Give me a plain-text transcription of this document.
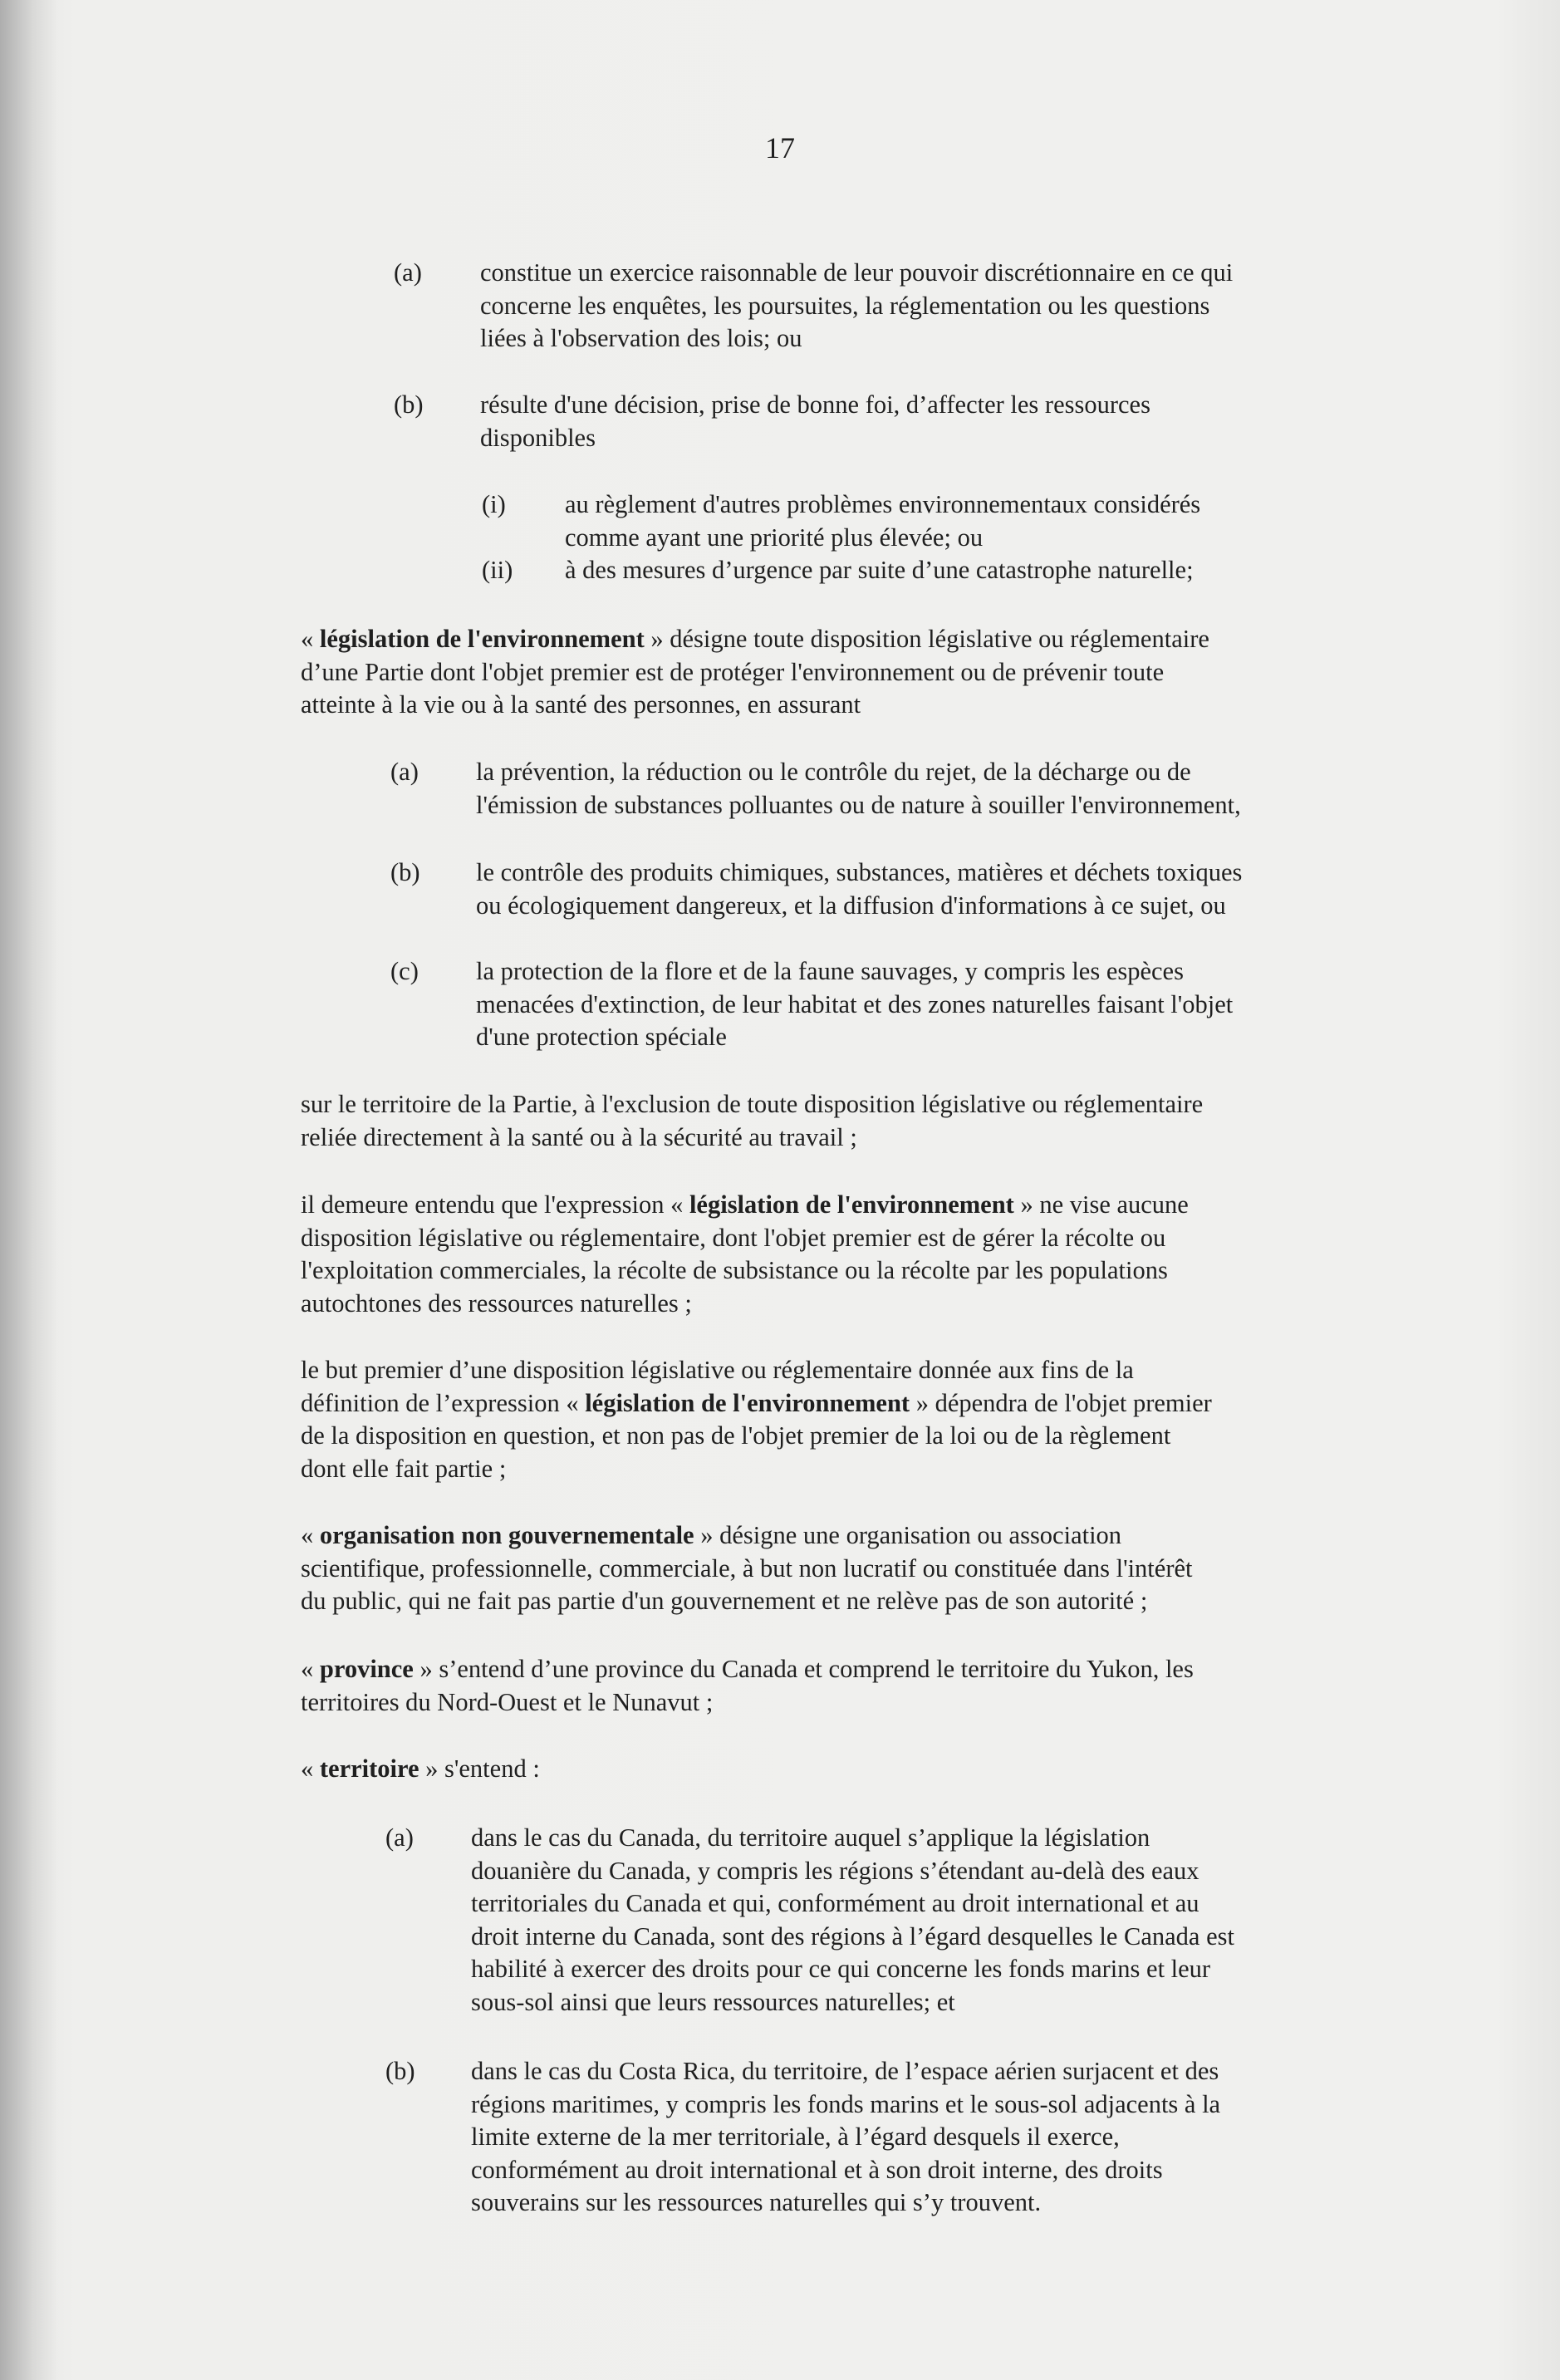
17
(a) constitue un exercice raisonnable de leur pouvoir discrétionnaire en ce qui
concerne les enquêtes, les poursuites, la réglementation ou les questions
liées à l'observation des lois; ou
(b) résulte d'une décision, prise de bonne foi, d’affecter les ressources
disponibles
(i) au règlement d'autres problèmes environnementaux considérés
comme ayant une priorité plus élevée; ou
(ii) à des mesures d’urgence par suite d’une catastrophe naturelle;
« législation de l'environnement » désigne toute disposition législative ou réglementaire
d’une Partie dont l'objet premier est de protéger l'environnement ou de prévenir toute
atteinte à la vie ou à la santé des personnes, en assurant
(a) la prévention, la réduction ou le contrôle du rejet, de la décharge ou de
l'émission de substances polluantes ou de nature à souiller l'environnement,
(b) le contrôle des produits chimiques, substances, matières et déchets toxiques
ou écologiquement dangereux, et la diffusion d'informations à ce sujet, ou
(c) la protection de la flore et de la faune sauvages, y compris les espèces
menacées d'extinction, de leur habitat et des zones naturelles faisant l'objet
d'une protection spéciale
sur le territoire de la Partie, à l'exclusion de toute disposition législative ou réglementaire
reliée directement à la santé ou à la sécurité au travail ;
il demeure entendu que l'expression « législation de l'environnement » ne vise aucune
disposition législative ou réglementaire, dont l'objet premier est de gérer la récolte ou
l'exploitation commerciales, la récolte de subsistance ou la récolte par les populations
autochtones des ressources naturelles ;
le but premier d’une disposition législative ou réglementaire donnée aux fins de la
définition de l’expression « législation de l'environnement » dépendra de l'objet premier
de la disposition en question, et non pas de l'objet premier de la loi ou de la règlement
dont elle fait partie ;
« organisation non gouvernementale » désigne une organisation ou association
scientifique, professionnelle, commerciale, à but non lucratif ou constituée dans l'intérêt
du public, qui ne fait pas partie d'un gouvernement et ne relève pas de son autorité ;
« province » s’entend d’une province du Canada et comprend le territoire du Yukon, les
territoires du Nord-Ouest et le Nunavut ;
« territoire » s'entend :
(a) dans le cas du Canada, du territoire auquel s’applique la législation
douanière du Canada, y compris les régions s’étendant au-delà des eaux
territoriales du Canada et qui, conformément au droit international et au
droit interne du Canada, sont des régions à l’égard desquelles le Canada est
habilité à exercer des droits pour ce qui concerne les fonds marins et leur
sous-sol ainsi que leurs ressources naturelles; et
(b) dans le cas du Costa Rica, du territoire, de l’espace aérien surjacent et des
régions maritimes, y compris les fonds marins et le sous-sol adjacents à la
limite externe de la mer territoriale, à l’égard desquels il exerce,
conformément au droit international et à son droit interne, des droits
souverains sur les ressources naturelles qui s’y trouvent.
